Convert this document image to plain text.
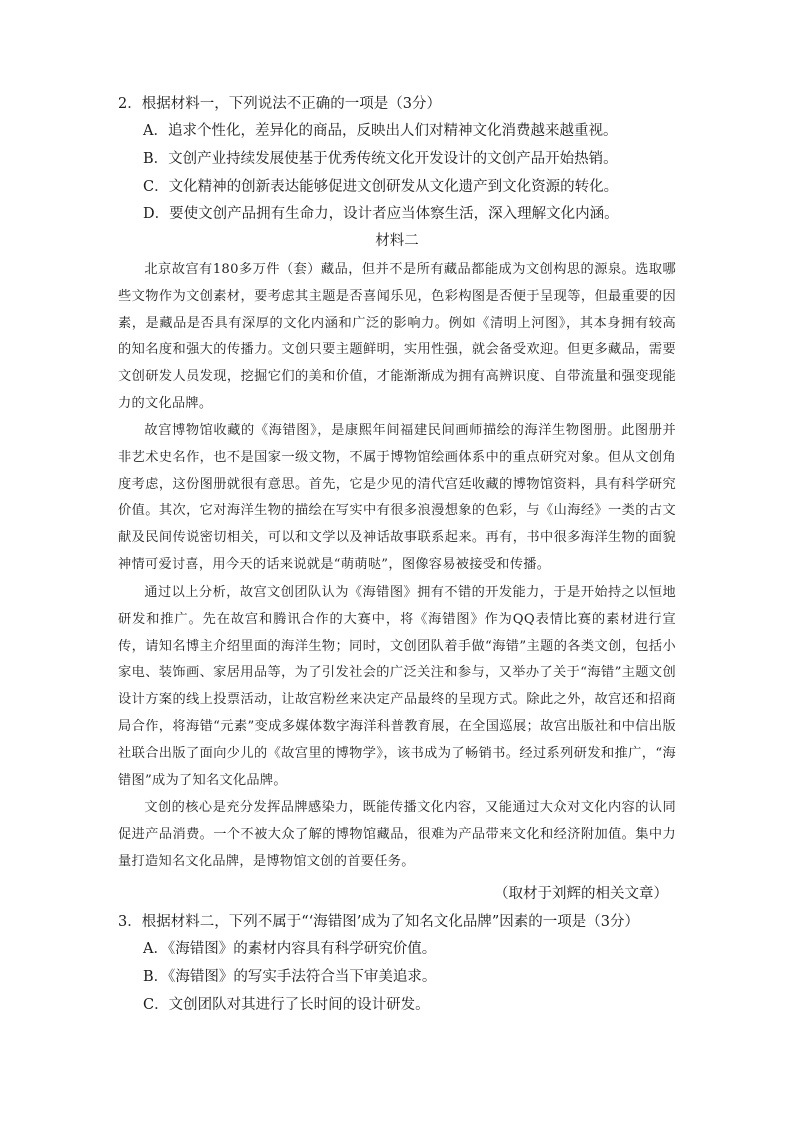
2．根据材料一，下列说法不正确的一项是（3分）
A．追求个性化，差异化的商品，反映出人们对精神文化消费越来越重视。
B．文创产业持续发展使基于优秀传统文化开发设计的文创产品开始热销。
C．文化精神的创新表达能够促进文创研发从文化遗产到文化资源的转化。
D．要使文创产品拥有生命力，设计者应当体察生活，深入理解文化内涵。
材料二

北京故宫有180多万件（套）藏品，但并不是所有藏品都能成为文创构思的源泉。选取哪些文物作为文创素材，要考虑其主题是否喜闻乐见，色彩构图是否便于呈现等，但最重要的因素，是藏品是否具有深厚的文化内涵和广泛的影响力。例如《清明上河图》，其本身拥有较高的知名度和强大的传播力。文创只要主题鲜明，实用性强，就会备受欢迎。但更多藏品，需要文创研发人员发现，挖掘它们的美和价值，才能渐渐成为拥有高辨识度、自带流量和强变现能力的文化品牌。

故宫博物馆收藏的《海错图》，是康熙年间福建民间画师描绘的海洋生物图册。此图册并非艺术史名作，也不是国家一级文物，不属于博物馆绘画体系中的重点研究对象。但从文创角度考虑，这份图册就很有意思。首先，它是少见的清代宫廷收藏的博物馆资料，具有科学研究价值。其次，它对海洋生物的描绘在写实中有很多浪漫想象的色彩，与《山海经》一类的古文献及民间传说密切相关，可以和文学以及神话故事联系起来。再有，书中很多海洋生物的面貌神情可爱讨喜，用今天的话来说就是“萌萌哒”，图像容易被接受和传播。

通过以上分析，故宫文创团队认为《海错图》拥有不错的开发能力，于是开始持之以恒地研发和推广。先在故宫和腾讯合作的大赛中，将《海错图》作为QQ表情比赛的素材进行宣传，请知名博主介绍里面的海洋生物；同时，文创团队着手做“海错”主题的各类文创，包括小家电、装饰画、家居用品等，为了引发社会的广泛关注和参与，又举办了关于“海错”主题文创设计方案的线上投票活动，让故宫粉丝来决定产品最终的呈现方式。除此之外，故宫还和招商局合作，将海错“元素”变成多媒体数字海洋科普教育展，在全国巡展；故宫出版社和中信出版社联合出版了面向少儿的《故宫里的博物学》，该书成为了畅销书。经过系列研发和推广，“海错图”成为了知名文化品牌。

文创的核心是充分发挥品牌感染力，既能传播文化内容，又能通过大众对文化内容的认同促进产品消费。一个不被大众了解的博物馆藏品，很难为产品带来文化和经济附加值。集中力量打造知名文化品牌，是博物馆文创的首要任务。

（取材于刘辉的相关文章）
3．根据材料二，下列不属于“‘海错图’成为了知名文化品牌”因素的一项是（3分）
A．《海错图》的素材内容具有科学研究价值。
B．《海错图》的写实手法符合当下审美追求。
C．文创团队对其进行了长时间的设计研发。
